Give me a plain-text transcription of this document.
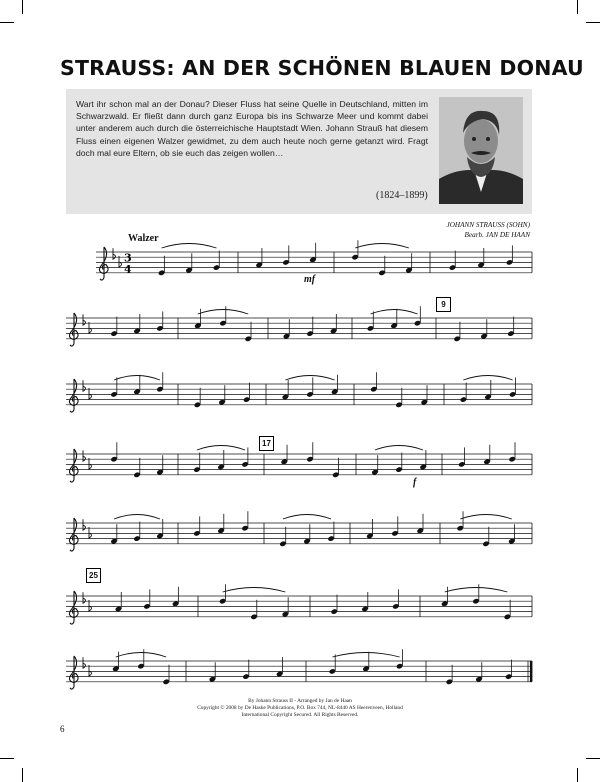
STRAUSS: AN DER SCHÖNEN BLAUEN DONAU
Wart ihr schon mal an der Donau? Dieser Fluss hat seine Quelle in Deutschland, mitten im Schwarzwald. Er fließt dann durch ganz Europa bis ins Schwarze Meer und kommt dabei unter anderem auch durch die österreichische Hauptstadt Wien. Johann Strauß hat diesem Fluss einen eigenen Walzer gewidmet, zu dem auch heute noch gerne getanzt wird. Fragt doch mal eure Eltern, ob sie euch das zeigen wollen…
(1824–1899)
JOHANN STRAUSS (SOHN)
Bearb. JAN DE HAAN
Walzer
3
4
9
17
25
mf
f
By Johann Strauss II - Arranged by Jan de Haan
Copyright © 2008 by De Haske Publications, P.O. Box 744, NL-8440 AS Heerenveen, Holland
International Copyright Secured. All Rights Reserved.
6
